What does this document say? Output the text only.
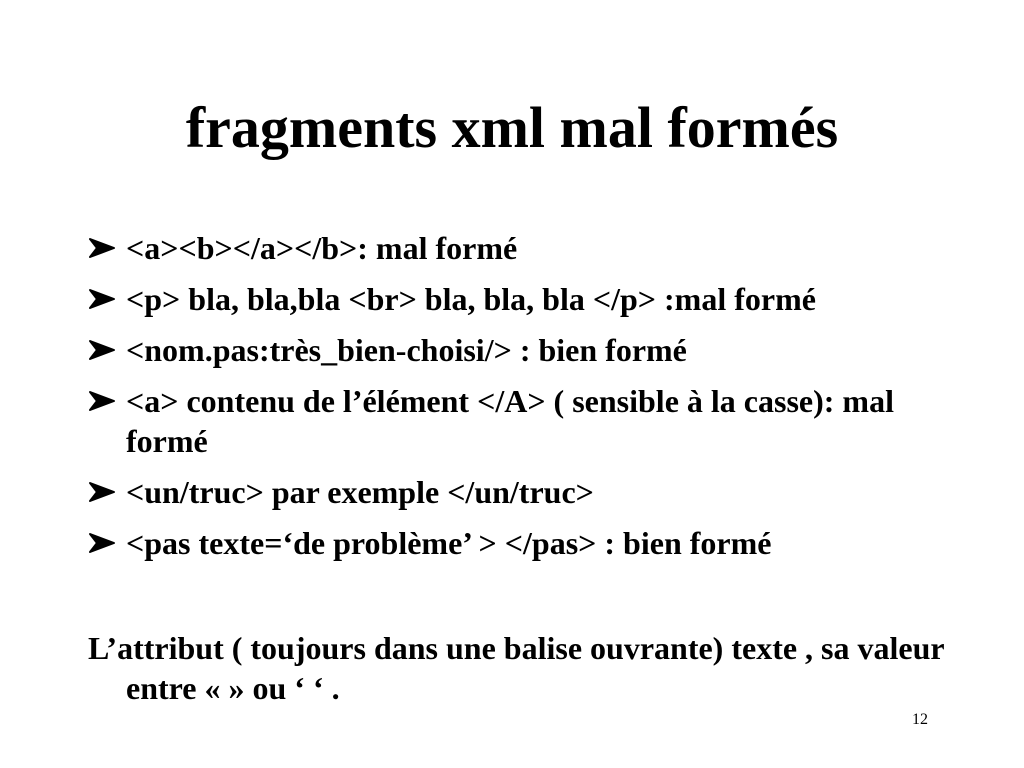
fragments xml mal formés
<a><b></a></b>: mal formé
<p> bla, bla,bla <br> bla, bla, bla </p> :mal formé
<nom.pas:très_bien-choisi/> : bien formé
<a> contenu de l’élément </A> ( sensible à la casse): mal formé
<un/truc> par exemple </un/truc>
<pas texte=‘de problème’ > </pas> : bien formé
L’attribut ( toujours dans une balise ouvrante) texte , sa valeur entre « » ou ‘ ‘ .
12
